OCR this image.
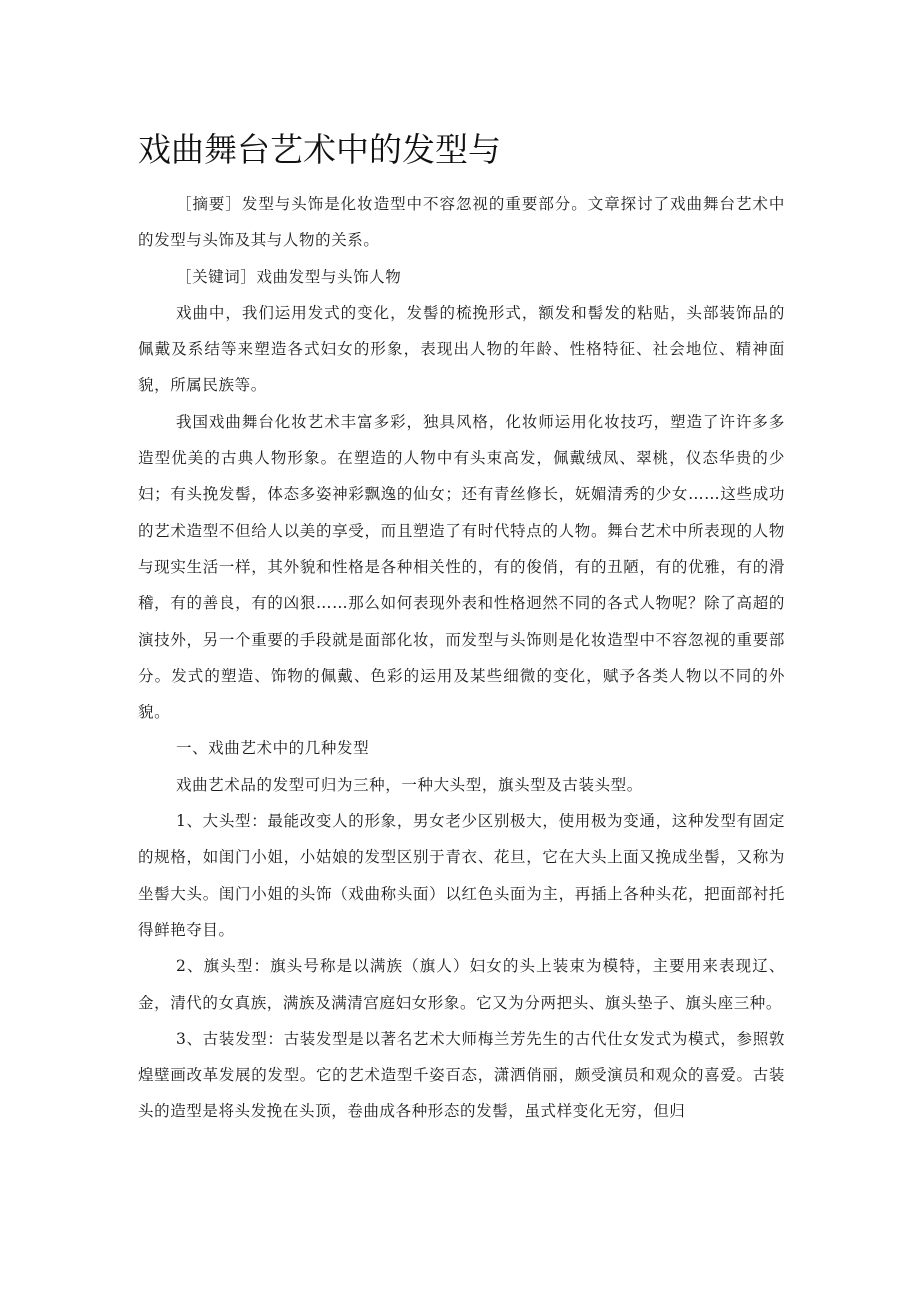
戏曲舞台艺术中的发型与

［摘要］发型与头饰是化妆造型中不容忽视的重要部分。文章探讨了戏曲舞台艺术中的发型与头饰及其与人物的关系。

［关键词］戏曲发型与头饰人物

戏曲中，我们运用发式的变化，发髻的梳挽形式，额发和髻发的粘贴，头部装饰品的佩戴及系结等来塑造各式妇女的形象，表现出人物的年龄、性格特征、社会地位、精神面貌，所属民族等。

我国戏曲舞台化妆艺术丰富多彩，独具风格，化妆师运用化妆技巧，塑造了许许多多造型优美的古典人物形象。在塑造的人物中有头束高发，佩戴绒凤、翠桃，仪态华贵的少妇；有头挽发髻，体态多姿神彩飘逸的仙女；还有青丝修长，妩媚清秀的少女……这些成功的艺术造型不但给人以美的享受，而且塑造了有时代特点的人物。舞台艺术中所表现的人物与现实生活一样，其外貌和性格是各种相关性的，有的俊俏，有的丑陋，有的优雅，有的滑稽，有的善良，有的凶狠……那么如何表现外表和性格迥然不同的各式人物呢？除了高超的演技外，另一个重要的手段就是面部化妆，而发型与头饰则是化妆造型中不容忽视的重要部分。发式的塑造、饰物的佩戴、色彩的运用及某些细微的变化，赋予各类人物以不同的外貌。

一、戏曲艺术中的几种发型

戏曲艺术品的发型可归为三种，一种大头型，旗头型及古装头型。

1、大头型：最能改变人的形象，男女老少区别极大，使用极为变通，这种发型有固定的规格，如闺门小姐，小姑娘的发型区别于青衣、花旦，它在大头上面又挽成坐髻，又称为坐髻大头。闺门小姐的头饰（戏曲称头面）以红色头面为主，再插上各种头花，把面部衬托得鲜艳夺目。

2、旗头型：旗头号称是以满族（旗人）妇女的头上装束为模特，主要用来表现辽、金，清代的女真族，满族及满清宫庭妇女形象。它又为分两把头、旗头垫子、旗头座三种。

3、古装发型：古装发型是以著名艺术大师梅兰芳先生的古代仕女发式为模式，参照敦煌壁画改革发展的发型。它的艺术造型千姿百态，潇洒俏丽，颇受演员和观众的喜爱。古装头的造型是将头发挽在头顶，卷曲成各种形态的发髻，虽式样变化无穷，但归
